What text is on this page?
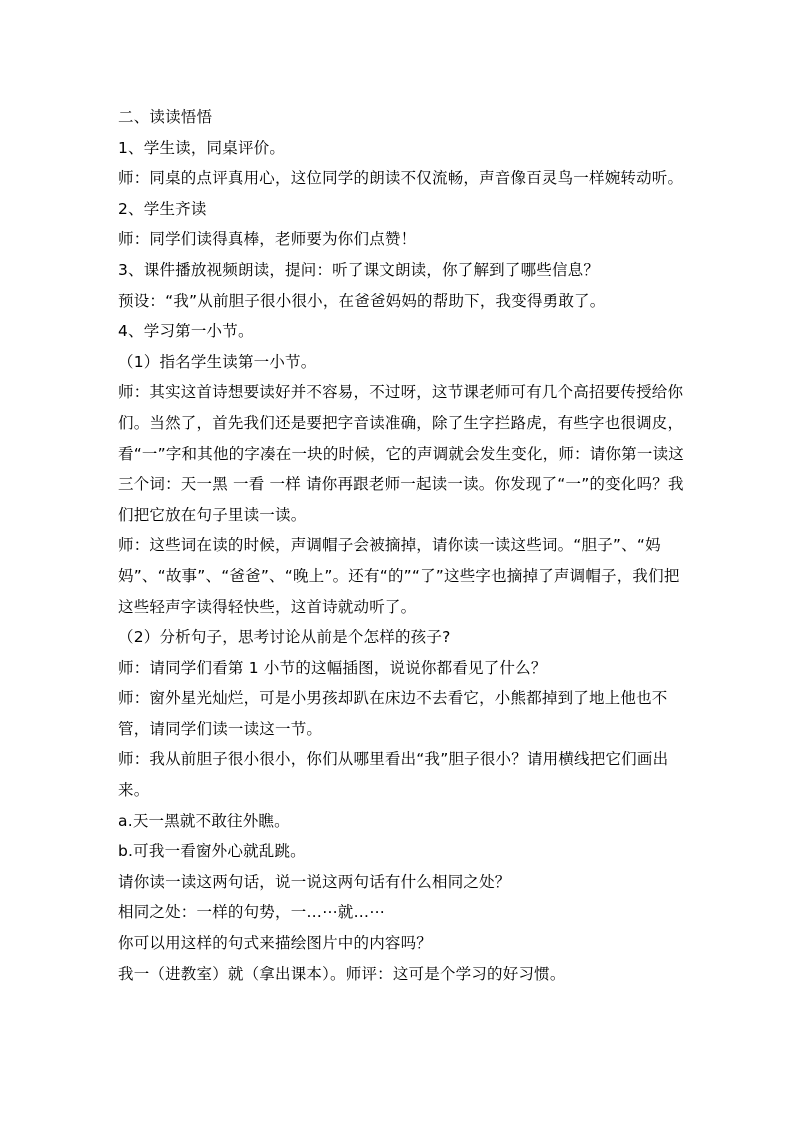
二、读读悟悟

1、学生读，同桌评价。

师：同桌的点评真用心，这位同学的朗读不仅流畅，声音像百灵鸟一样婉转动听。

2、学生齐读

师：同学们读得真棒，老师要为你们点赞！

3、课件播放视频朗读，提问：听了课文朗读，你了解到了哪些信息？

预设：“我”从前胆子很小很小，在爸爸妈妈的帮助下，我变得勇敢了。

4、学习第一小节。

（1）指名学生读第一小节。

师：其实这首诗想要读好并不容易，不过呀，这节课老师可有几个高招要传授给你们。当然了，首先我们还是要把字音读准确，除了生字拦路虎，有些字也很调皮，看“一”字和其他的字凑在一块的时候，它的声调就会发生变化，师：请你第一读这三个词：天一黑 一看 一样 请你再跟老师一起读一读。你发现了“一”的变化吗？我们把它放在句子里读一读。

师：这些词在读的时候，声调帽子会被摘掉，请你读一读这些词。“胆子”、“妈妈”、“故事”、“爸爸”、“晚上”。还有“的”“了”这些字也摘掉了声调帽子，我们把这些轻声字读得轻快些，这首诗就动听了。

（2）分析句子，思考讨论从前是个怎样的孩子?

师：请同学们看第 1 小节的这幅插图，说说你都看见了什么？

师：窗外星光灿烂，可是小男孩却趴在床边不去看它，小熊都掉到了地上他也不管，请同学们读一读这一节。

师：我从前胆子很小很小，你们从哪里看出“我”胆子很小？请用横线把它们画出来。

a.天一黑就不敢往外瞧。

b.可我一看窗外心就乱跳。

请你读一读这两句话，说一说这两句话有什么相同之处？

相同之处：一样的句势，一…⋯就…⋯

你可以用这样的句式来描绘图片中的内容吗？

我一（进教室）就（拿出课本）。师评：这可是个学习的好习惯。
